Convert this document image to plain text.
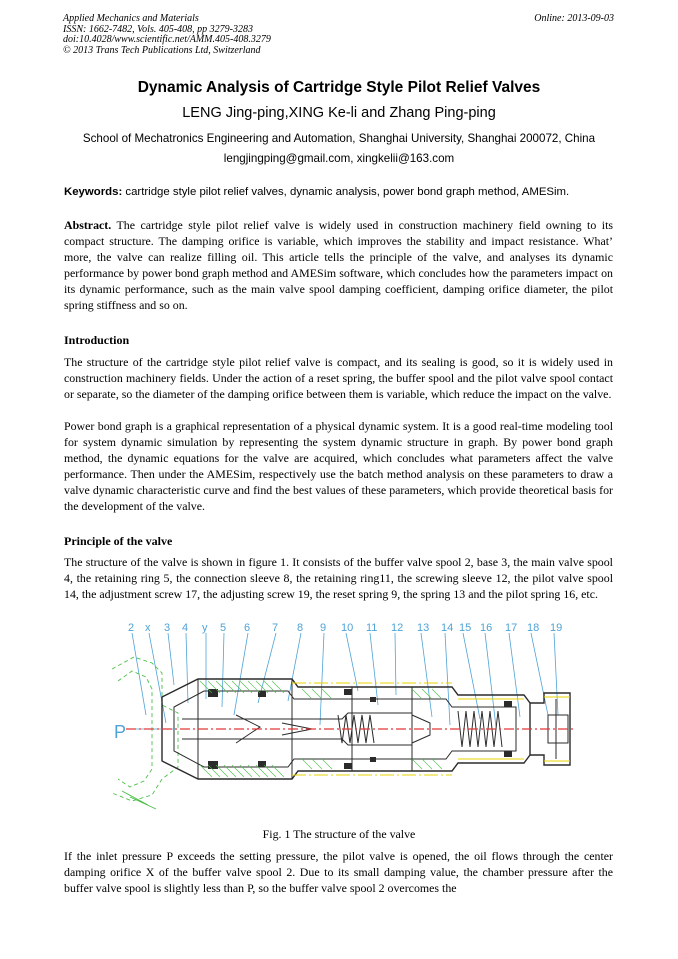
Applied Mechanics and Materials
ISSN: 1662-7482, Vols. 405-408, pp 3279-3283
doi:10.4028/www.scientific.net/AMM.405-408.3279
© 2013 Trans Tech Publications Ltd, Switzerland
Online: 2013-09-03
Dynamic Analysis of Cartridge Style Pilot Relief Valves
LENG Jing-ping,XING Ke-li and Zhang Ping-ping
School of Mechatronics Engineering and Automation, Shanghai University, Shanghai 200072, China
lengjingping@gmail.com, xingkelii@163.com
Keywords: cartridge style pilot relief valves, dynamic analysis, power bond graph method, AMESim.
Abstract. The cartridge style pilot relief valve is widely used in construction machinery field owning to its compact structure. The damping orifice is variable, which improves the stability and impact resistance. What’ more, the valve can realize filling oil. This article tells the principle of the valve, and analyses its dynamic performance by power bond graph method and AMESim software, which concludes how the parameters impact on its dynamic performance, such as the main valve spool damping coefficient, damping orifice diameter, the pilot spring stiffness and so on.
Introduction
The structure of the cartridge style pilot relief valve is compact, and its sealing is good, so it is widely used in construction machinery fields. Under the action of a reset spring, the buffer spool and the pilot valve spool contact or separate, so the diameter of the damping orifice between them is variable, which reduce the impact on the valve.
Power bond graph is a graphical representation of a physical dynamic system. It is a good real-time modeling tool for system dynamic simulation by representing the system dynamic structure in graph. By power bond graph method, the dynamic equations for the valve are acquired, which concludes what parameters affect the valve performance. Then under the AMESim, respectively use the batch method analysis on these parameters to draw a valve dynamic characteristic curve and find the best values of these parameters, which provide theoretical basis for the development of the valve.
Principle of the valve
The structure of the valve is shown in figure 1. It consists of the buffer valve spool 2, base 3, the main valve spool 4, the retaining ring 5, the connection sleeve 8, the retaining ring11, the screwing sleeve 12, the pilot valve spool 14, the adjustment screw 17, the adjusting screw 19, the reset spring 9, the spring 13 and the pilot spring 16, etc.
2 x 3 4 y 5 6 7 8 9 10 11 12 13 14 15 16 17 18 19
P
Fig. 1 The structure of the valve
If the inlet pressure P exceeds the setting pressure, the pilot valve is opened, the oil flows through the center damping orifice X of the buffer valve spool 2. Due to its small damping value, the chamber pressure after the buffer valve spool is slightly less than P, so the buffer valve spool 2 overcomes the
